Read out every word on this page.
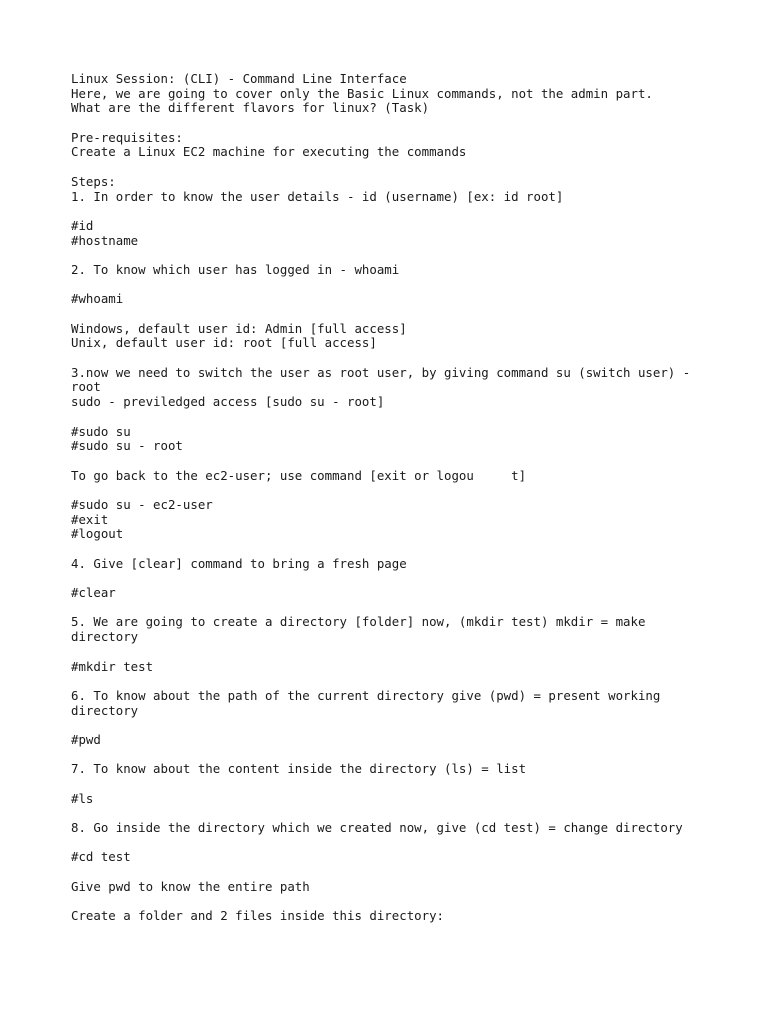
Linux Session: (CLI) - Command Line Interface
Here, we are going to cover only the Basic Linux commands, not the admin part.
What are the different flavors for linux? (Task)
Pre-requisites:
Create a Linux EC2 machine for executing the commands
Steps:
1. In order to know the user details - id (username) [ex: id root]
#id
#hostname
2. To know which user has logged in - whoami
#whoami
Windows, default user id: Admin [full access]
Unix, default user id: root [full access]
3.now we need to switch the user as root user, by giving command su (switch user) -
root
sudo - previledged access [sudo su - root]
#sudo su
#sudo su - root
To go back to the ec2-user; use command [exit or logou     t]
#sudo su - ec2-user
#exit
#logout
4. Give [clear] command to bring a fresh page
#clear
5. We are going to create a directory [folder] now, (mkdir test) mkdir = make
directory
#mkdir test
6. To know about the path of the current directory give (pwd) = present working
directory
#pwd
7. To know about the content inside the directory (ls) = list
#ls
8. Go inside the directory which we created now, give (cd test) = change directory
#cd test
Give pwd to know the entire path
Create a folder and 2 files inside this directory:
